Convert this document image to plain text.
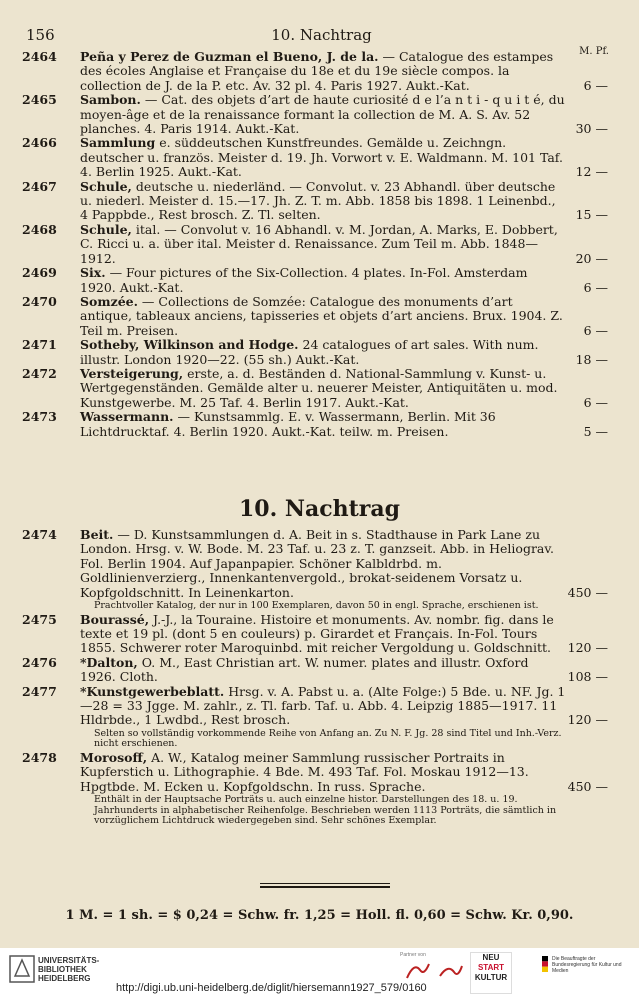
156	10. Nachtrag
M. Pf.
2464	Peña y Perez de Guzman el Bueno, J. de la. — Catalogue des estampes des écoles Anglaise et Française du 18e et du 19e siècle compos. la collection de J. de la P. etc. Av. 32 pl. 4. Paris 1927. Aukt.-Kat.	6 —
2465	Sambon. — Cat. des objets d’art de haute curiosité d e l’a n t i - q u i t é, du moyen-âge et de la renaissance formant la collection de M. A. S. Av. 52 planches. 4. Paris 1914. Aukt.-Kat.	30 —
2466	Sammlung e. süddeutschen Kunstfreundes. Gemälde u. Zeichngn. deutscher u. französ. Meister d. 19. Jh. Vorwort v. E. Waldmann. M. 101 Taf. 4. Berlin 1925. Aukt.-Kat.	12 —
2467	Schule, deutsche u. niederländ. — Convolut. v. 23 Abhandl. über deutsche u. niederl. Meister d. 15.—17. Jh. Z. T. m. Abb. 1858 bis 1898. 1 Leinenbd., 4 Pappbde., Rest brosch. Z. Tl. selten.	15 —
2468	Schule, ital. — Convolut v. 16 Abhandl. v. M. Jordan, A. Marks, E. Dobbert, C. Ricci u. a. über ital. Meister d. Renaissance. Zum Teil m. Abb. 1848—1912.	20 —
2469	Six. — Four pictures of the Six-Collection. 4 plates. In-Fol. Amsterdam 1920. Aukt.-Kat.	6 —
2470	Somzée. — Collections de Somzée: Catalogue des monuments d’art antique, tableaux anciens, tapisseries et objets d’art anciens. Brux. 1904. Z. Teil m. Preisen.	6 —
2471	Sotheby, Wilkinson and Hodge. 24 catalogues of art sales. With num. illustr. London 1920—22. (55 sh.) Aukt.-Kat.	18 —
2472	Versteigerung, erste, a. d. Beständen d. National-Sammlung v. Kunst- u. Wertgegenständen. Gemälde alter u. neuerer Meister, Antiquitäten u. mod. Kunstgewerbe. M. 25 Taf. 4. Berlin 1917. Aukt.-Kat.	6 —
2473	Wassermann. — Kunstsammlg. E. v. Wassermann, Berlin. Mit 36 Lichtdrucktaf. 4. Berlin 1920. Aukt.-Kat. teilw. m. Preisen.	5 —
10. Nachtrag
2474	Beit. — D. Kunstsammlungen d. A. Beit in s. Stadthause in Park Lane zu London. Hrsg. v. W. Bode. M. 23 Taf. u. 23 z. T. ganzseit. Abb. in Heliograv. Fol. Berlin 1904. Auf Japanpapier. Schöner Kalbldrbd. m. Goldlinienverzierg., Innenkantenvergold., brokat-seidenem Vorsatz u. Kopfgoldschnitt. In Leinenkarton.	450 —
Prachtvoller Katalog, der nur in 100 Exemplaren, davon 50 in engl. Sprache, erschienen ist.
2475	Bourassé, J.-J., la Touraine. Histoire et monuments. Av. nombr. fig. dans le texte et 19 pl. (dont 5 en couleurs) p. Girardet et Français. In-Fol. Tours 1855. Schwerer roter Maroquinbd. mit reicher Vergoldung u. Goldschnitt. 120 —
2476	*Dalton, O. M., East Christian art. W. numer. plates and illustr. Oxford 1926. Cloth.	108 —
2477	*Kunstgewerbeblatt. Hrsg. v. A. Pabst u. a. (Alte Folge:) 5 Bde. u. NF. Jg. 1—28 = 33 Jgge. M. zahlr., z. Tl. farb. Taf. u. Abb. 4. Leipzig 1885—1917. 11 Hldrbde., 1 Lwdbd., Rest brosch.	120 —
Selten so vollständig vorkommende Reihe von Anfang an. Zu N. F. Jg. 28 sind Titel und Inh.-Verz. nicht erschienen.
2478	Morosoff, A. W., Katalog meiner Sammlung russischer Portraits in Kupferstich u. Lithographie. 4 Bde. M. 493 Taf. Fol. Moskau 1912—13. Hpgtbde. M. Ecken u. Kopfgoldschn. In russ. Sprache.	450 —
Enthält in der Hauptsache Porträts u. auch einzelne histor. Darstellungen des 18. u. 19. Jahrhunderts in alphabetischer Reihenfolge. Beschrieben werden 1113 Porträts, die sämtlich in vorzüglichem Lichtdruck wiedergegeben sind. Sehr schönes Exemplar.
1 M. = 1 sh. = $ 0,24 = Schw. fr. 1,25 = Holl. fl. 0,60 = Schw. Kr. 0,90.
UNIVERSITÄTS-
BIBLIOTHEK
HEIDELBERG
http://digi.ub.uni-heidelberg.de/diglit/hiersemann1927_579/0160
Partner von	NEU
START
KULTUR
Die Beauftragte der Bundesregierung für Kultur und Medien
